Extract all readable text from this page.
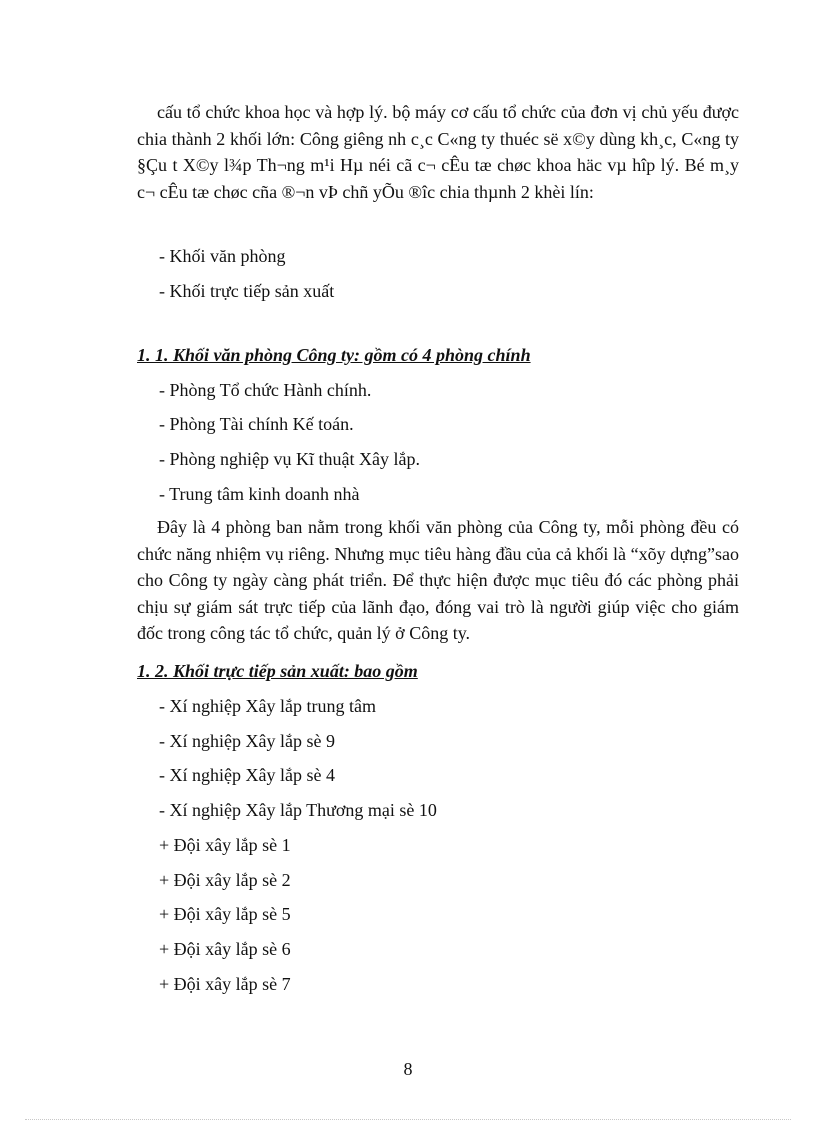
cấu tổ chức khoa học và hợp lý. bộ máy cơ cấu tổ chức của đơn vị chủ yếu được chia thành 2 khối lớn: Công giêng nh c¸c C«ng ty thuéc së x©y dùng kh¸c, C«ng ty §Çu t X©y l¾p Th¬ng m¹i Hµ néi cã c¬ cÊu tæ chøc khoa häc vµ hîp lý. Bé m¸y c¬ cÊu tæ chøc cña ®¬n vÞ chñ yÕu ®îc chia thµnh 2 khèi lín:
- Khối văn phòng
- Khối trực tiếp sản xuất
1. 1. Khối văn phòng Công ty: gồm có 4 phòng chính
- Phòng Tổ chức Hành chính.
- Phòng Tài chính Kế toán.
- Phòng nghiệp vụ Kĩ thuật Xây lắp.
- Trung tâm kinh doanh nhà
Đây là 4 phòng ban nằm trong khối văn phòng của Công ty, mỗi phòng đều có chức năng nhiệm vụ riêng. Nhưng mục tiêu hàng đầu của cả khối là “xõy dựng”sao cho Công ty ngày càng phát triển. Để thực hiện được mục tiêu đó các phòng phải chịu sự giám sát trực tiếp của lãnh đạo, đóng vai trò là người giúp việc cho giám đốc trong công tác tổ chức, quản lý ở Công ty.
1. 2. Khối trực tiếp sản xuất: bao gồm
- Xí nghiệp Xây lắp trung tâm
- Xí nghiệp Xây lắp sè 9
- Xí nghiệp Xây lắp sè 4
- Xí nghiệp Xây lắp Thương mại sè 10
+ Đội xây lắp sè 1
+ Đội xây lắp sè 2
+ Đội xây lắp sè 5
+ Đội xây lắp sè 6
+ Đội xây lắp sè 7
8
